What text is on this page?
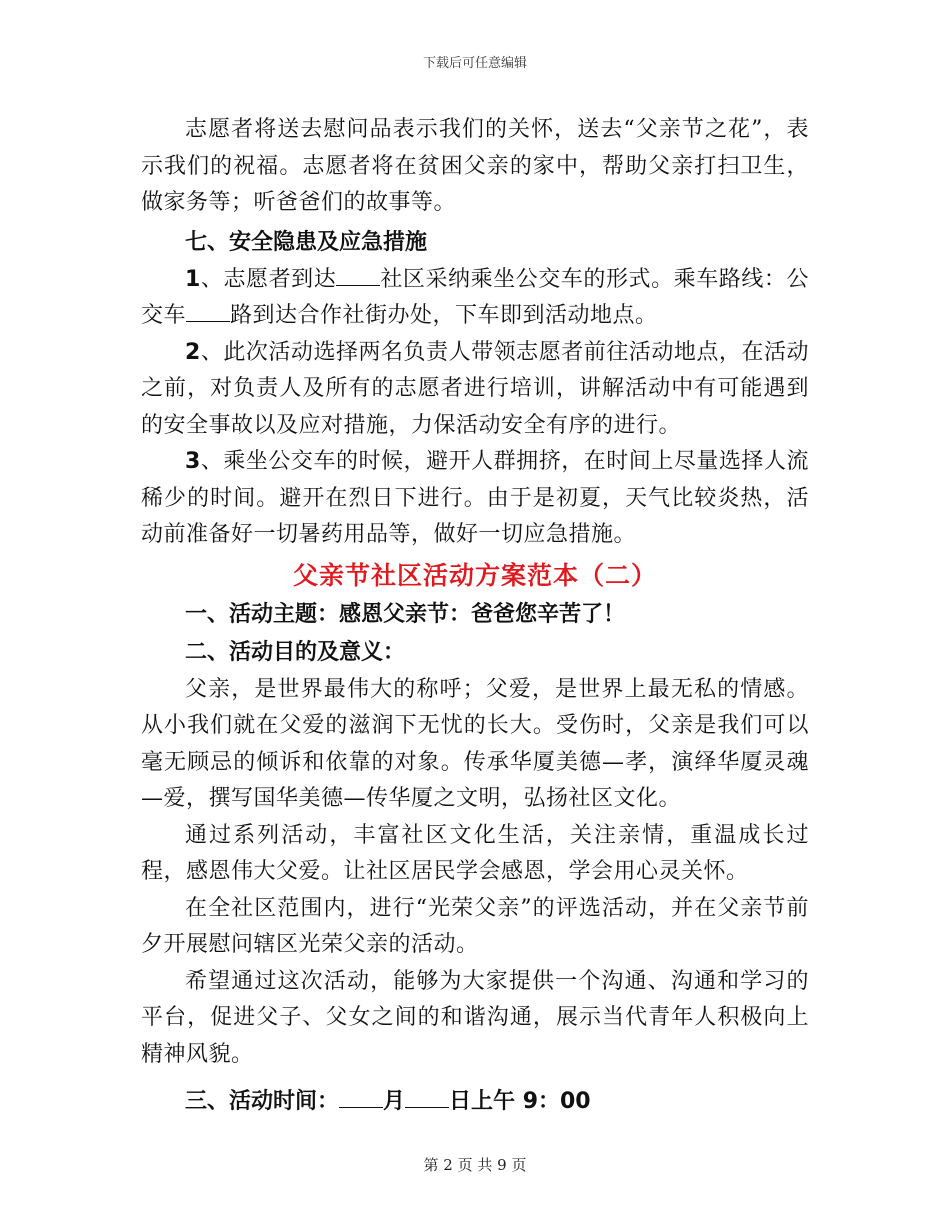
下载后可任意编辑

志愿者将送去慰问品表示我们的关怀，送去“父亲节之花”，表示我们的祝福。志愿者将在贫困父亲的家中，帮助父亲打扫卫生，做家务等；听爸爸们的故事等。

七、安全隐患及应急措施

1、志愿者到达 社区采纳乘坐公交车的形式。乘车路线：公交车 路到达合作社街办处，下车即到活动地点。

2、此次活动选择两名负责人带领志愿者前往活动地点，在活动之前，对负责人及所有的志愿者进行培训，讲解活动中有可能遇到的安全事故以及应对措施，力保活动安全有序的进行。

3、乘坐公交车的时候，避开人群拥挤，在时间上尽量选择人流稀少的时间。避开在烈日下进行。由于是初夏，天气比较炎热，活动前准备好一切暑药用品等，做好一切应急措施。

父亲节社区活动方案范本（二）

一、活动主题：感恩父亲节：爸爸您辛苦了！

二、活动目的及意义：

父亲，是世界最伟大的称呼；父爱，是世界上最无私的情感。从小我们就在父爱的滋润下无忧的长大。受伤时，父亲是我们可以毫无顾忌的倾诉和依靠的对象。传承华厦美德—孝，演绎华厦灵魂—爱，撰写国华美德—传华厦之文明，弘扬社区文化。

通过系列活动，丰富社区文化生活，关注亲情，重温成长过程，感恩伟大父爱。让社区居民学会感恩，学会用心灵关怀。

在全社区范围内，进行“光荣父亲”的评选活动，并在父亲节前夕开展慰问辖区光荣父亲的活动。

希望通过这次活动，能够为大家提供一个沟通、沟通和学习的平台，促进父子、父女之间的和谐沟通，展示当代青年人积极向上精神风貌。

三、活动时间： 月 日上午 9：00

第 2 页 共 9 页
